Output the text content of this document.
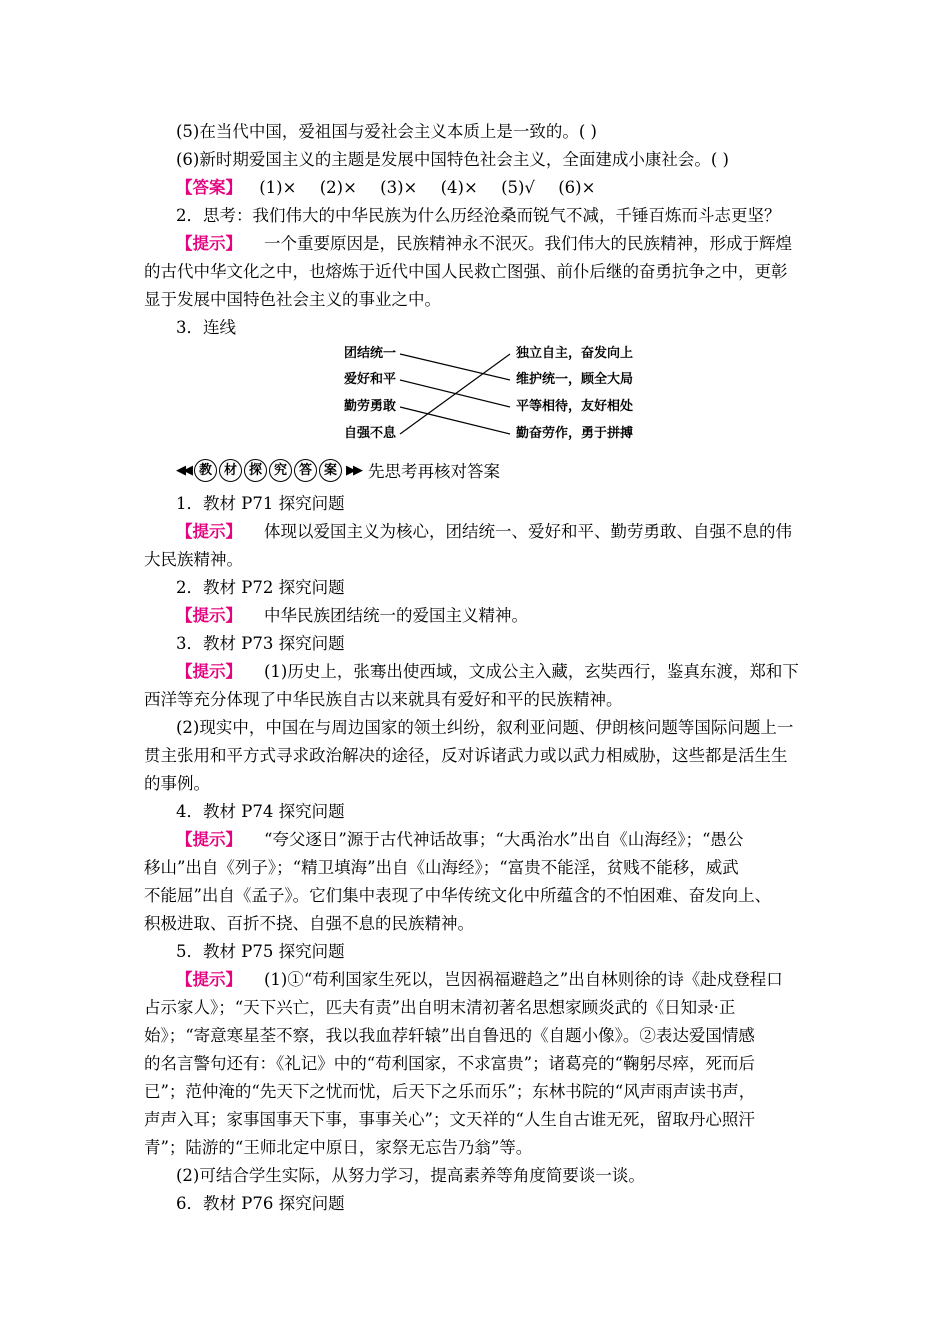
(5)在当代中国，爱祖国与爱社会主义本质上是一致的。( )
(6)新时期爱国主义的主题是发展中国特色社会主义，全面建成小康社会。( )
【答案】 (1)× (2)× (3)× (4)× (5)√ (6)×
2．思考：我们伟大的中华民族为什么历经沧桑而锐气不减，千锤百炼而斗志更坚？
【提示】 一个重要原因是，民族精神永不泯灭。我们伟大的民族精神，形成于辉煌
的古代中华文化之中，也熔炼于近代中国人民救亡图强、前仆后继的奋勇抗争之中，更彰
显于发展中国特色社会主义的事业之中。
3．连线
团结统一
爱好和平
勤劳勇敢
自强不息
独立自主，奋发向上
维护统一，顾全大局
平等相待，友好相处
勤奋劳作，勇于拼搏
◀◀ 教 材 探 究 答 案 ▶▶ 先思考再核对答案
1．教材 P71 探究问题
【提示】 体现以爱国主义为核心，团结统一、爱好和平、勤劳勇敢、自强不息的伟
大民族精神。
2．教材 P72 探究问题
【提示】 中华民族团结统一的爱国主义精神。
3．教材 P73 探究问题
【提示】 (1)历史上，张骞出使西域，文成公主入藏，玄奘西行，鉴真东渡，郑和下
西洋等充分体现了中华民族自古以来就具有爱好和平的民族精神。
(2)现实中，中国在与周边国家的领土纠纷，叙利亚问题、伊朗核问题等国际问题上一
贯主张用和平方式寻求政治解决的途径，反对诉诸武力或以武力相威胁，这些都是活生生
的事例。
4．教材 P74 探究问题
【提示】 “夸父逐日”源于古代神话故事；“大禹治水”出自《山海经》；“愚公
移山”出自《列子》；“精卫填海”出自《山海经》；“富贵不能淫，贫贱不能移，威武
不能屈”出自《孟子》。它们集中表现了中华传统文化中所蕴含的不怕困难、奋发向上、
积极进取、百折不挠、自强不息的民族精神。
5．教材 P75 探究问题
【提示】 (1)①“苟利国家生死以，岂因祸福避趋之”出自林则徐的诗《赴戍登程口
占示家人》；“天下兴亡，匹夫有责”出自明末清初著名思想家顾炎武的《日知录·正
始》；“寄意寒星荃不察，我以我血荐轩辕”出自鲁迅的《自题小像》。②表达爱国情感
的名言警句还有：《礼记》中的“苟利国家，不求富贵”；诸葛亮的“鞠躬尽瘁，死而后
已”；范仲淹的“先天下之忧而忧，后天下之乐而乐”；东林书院的“风声雨声读书声，
声声入耳；家事国事天下事，事事关心”；文天祥的“人生自古谁无死，留取丹心照汗
青”；陆游的“王师北定中原日，家祭无忘告乃翁”等。
(2)可结合学生实际，从努力学习，提高素养等角度简要谈一谈。
6．教材 P76 探究问题
